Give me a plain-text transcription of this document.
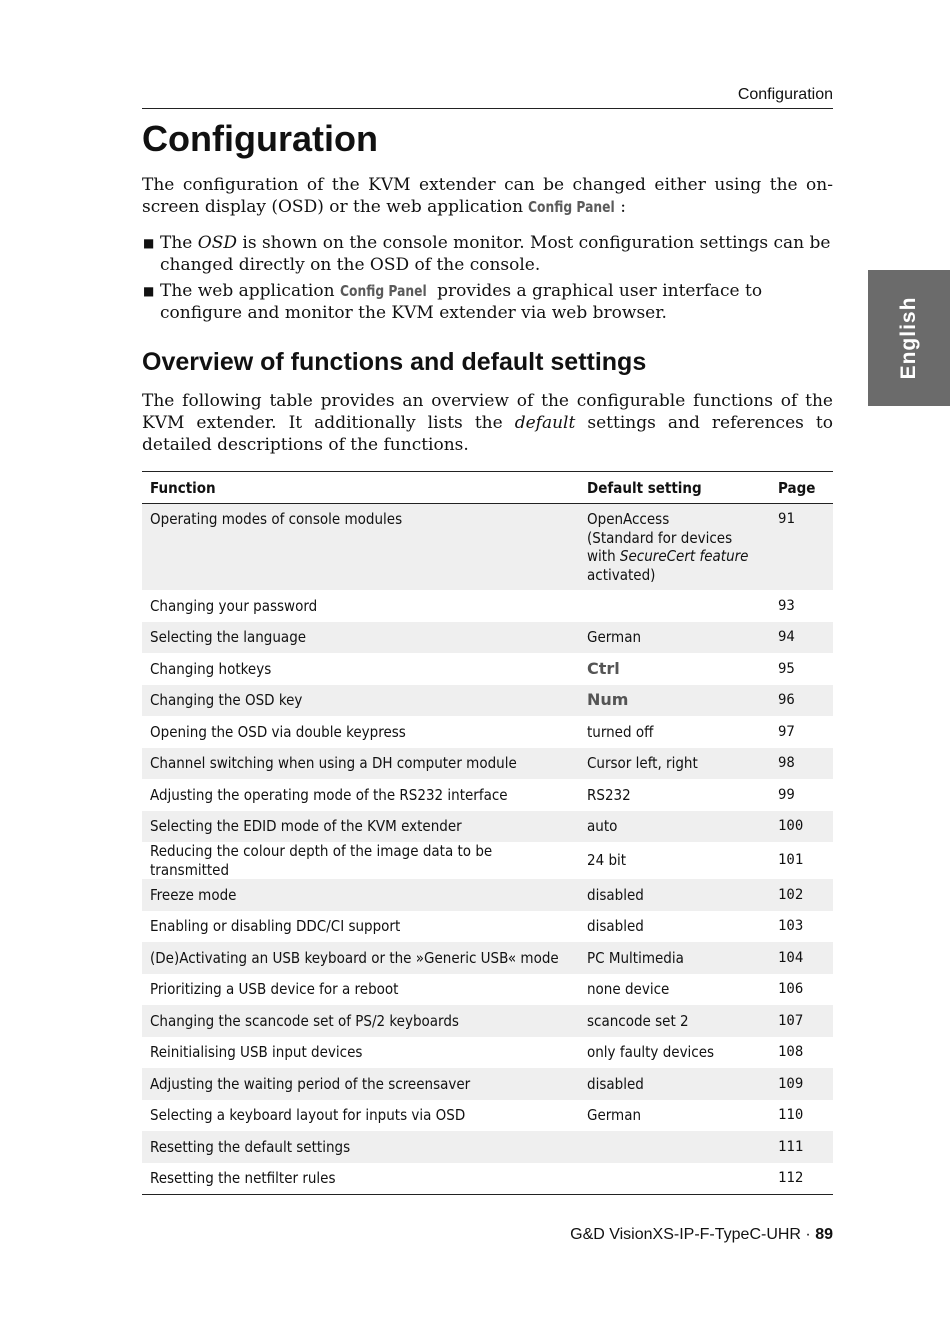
Configuration
English
Configuration

The configuration of the KVM extender can be changed either using the on-screen display (OSD) or the web application Config Panel :

■ The OSD is shown on the console monitor. Most configuration settings can be changed directly on the OSD of the console.
■ The web application Config Panel provides a graphical user interface to configure and monitor the KVM extender via web browser.
Overview of functions and default settings

The following table provides an overview of the configurable functions of the KVM extender. It additionally lists the default settings and references to detailed descriptions of the functions.

Function	Default setting	Page
Operating modes of console modules	OpenAccess
(Standard for devices
with SecureCert feature
activated)	91
Changing your password		93
Selecting the language	German	94
Changing hotkeys	Ctrl	95
Changing the OSD key	Num	96
Opening the OSD via double keypress	turned off	97
Channel switching when using a DH computer module	Cursor left, right	98
Adjusting the operating mode of the RS232 interface	RS232	99
Selecting the EDID mode of the KVM extender	auto	100
Reducing the colour depth of the image data to be transmitted	24 bit	101
Freeze mode	disabled	102
Enabling or disabling DDC/CI support	disabled	103
(De)Activating an USB keyboard or the »Generic USB« mode	PC Multimedia	104
Prioritizing a USB device for a reboot	none device	106
Changing the scancode set of PS/2 keyboards	scancode set 2	107
Reinitialising USB input devices	only faulty devices	108
Adjusting the waiting period of the screensaver	disabled	109
Selecting a keyboard layout for inputs via OSD	German	110
Resetting the default settings		111
Resetting the netfilter rules		112
G&D VisionXS-IP-F-TypeC-UHR · 89
